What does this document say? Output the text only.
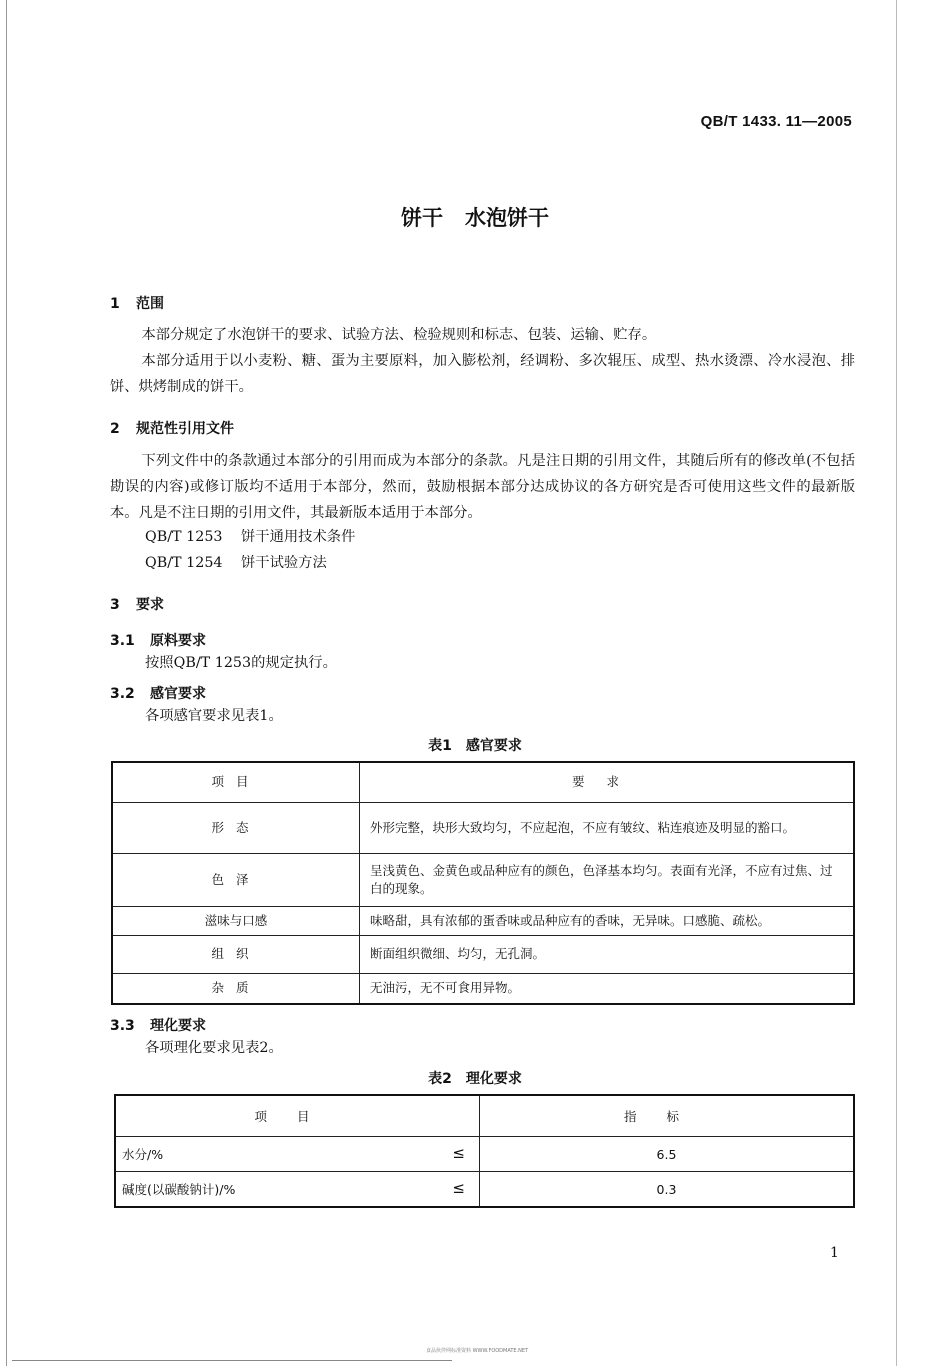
QB/T 1433. 11—2005
饼干 水泡饼干
1 范围
本部分规定了水泡饼干的要求、试验方法、检验规则和标志、包装、运输、贮存。
本部分适用于以小麦粉、糖、蛋为主要原料，加入膨松剂，经调粉、多次辊压、成型、热水烫漂、冷水浸泡、排饼、烘烤制成的饼干。
2 规范性引用文件
下列文件中的条款通过本部分的引用而成为本部分的条款。凡是注日期的引用文件，其随后所有的修改单(不包括勘误的内容)或修订版均不适用于本部分，然而，鼓励根据本部分达成协议的各方研究是否可使用这些文件的最新版本。凡是不注日期的引用文件，其最新版本适用于本部分。
QB/T 1253 饼干通用技术条件
QB/T 1254 饼干试验方法
3 要求
3.1 原料要求
按照QB/T 1253的规定执行。
3.2 感官要求
各项感官要求见表1。
表1　感官要求
项目	要求
形态	外形完整，块形大致均匀，不应起泡，不应有皱纹、粘连痕迹及明显的豁口。
色泽	呈浅黄色、金黄色或品种应有的颜色，色泽基本均匀。表面有光泽，不应有过焦、过白的现象。
滋味与口感	味略甜，具有浓郁的蛋香味或品种应有的香味，无异味。口感脆、疏松。
组织	断面组织微细、均匀，无孔洞。
杂质	无油污，无不可食用异物。
3.3 理化要求
各项理化要求见表2。
表2　理化要求
项目	指标
水分/% ≤	6.5
碱度(以碳酸钠计)/% ≤	0.3
1
食品伙伴网标准资料 WWW.FOODMATE.NET
